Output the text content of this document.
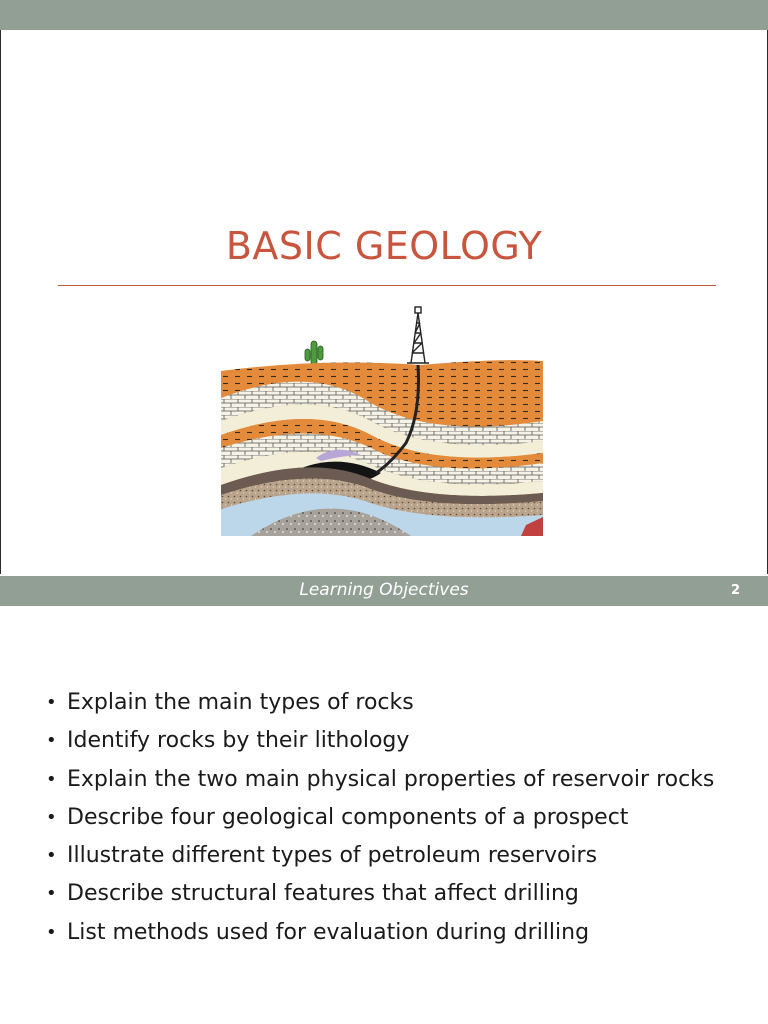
BASIC GEOLOGY
Learning Objectives	2
• Explain the main types of rocks
• Identify rocks by their lithology
• Explain the two main physical properties of reservoir rocks
• Describe four geological components of a prospect
• Illustrate different types of petroleum reservoirs
• Describe structural features that affect drilling
• List methods used for evaluation during drilling
